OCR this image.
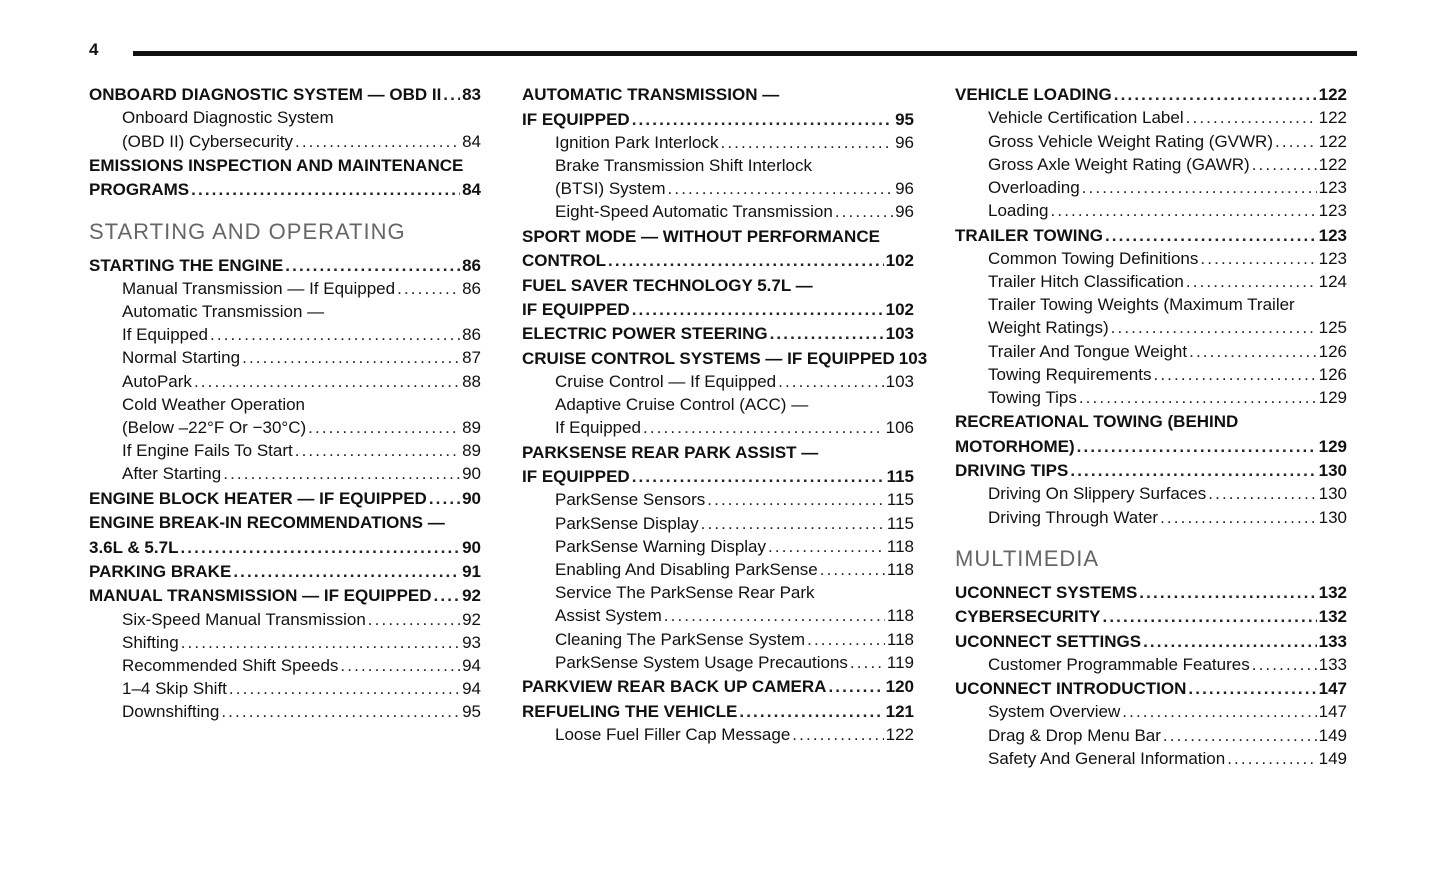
4
ONBOARD DIAGNOSTIC SYSTEM — OBD II . . . 83
Onboard Diagnostic System
(OBD II) Cybersecurity . . .	84
EMISSIONS INSPECTION AND MAINTENANCE
PROGRAMS . . .	84
STARTING AND OPERATING
STARTING THE ENGINE . . .	86
Manual Transmission — If Equipped . . .	86
Automatic Transmission —
If Equipped . . .	86
Normal Starting . . .	87
AutoPark . . .	88
Cold Weather Operation
(Below –22°F Or −30°C) . . .	89
If Engine Fails To Start . . .	89
After Starting . . .	90
ENGINE BLOCK HEATER — IF EQUIPPED . . . 90
ENGINE BREAK-IN RECOMMENDATIONS —
3.6L & 5.7L . . .	90
PARKING BRAKE . . .	91
MANUAL TRANSMISSION — IF EQUIPPED . . . 92
Six-Speed Manual Transmission . . .	92
Shifting . . .	93
Recommended Shift Speeds . . .	94
1–4 Skip Shift . . .	94
Downshifting . . .	95
AUTOMATIC TRANSMISSION —
IF EQUIPPED . . .	95
Ignition Park Interlock . . .	96
Brake Transmission Shift Interlock
(BTSI) System . . .	96
Eight-Speed Automatic Transmission . . .	96
SPORT MODE — WITHOUT PERFORMANCE
CONTROL . . .	102
FUEL SAVER TECHNOLOGY 5.7L —
IF EQUIPPED . . .	102
ELECTRIC POWER STEERING . . .	103
CRUISE CONTROL SYSTEMS — IF EQUIPPED 103
Cruise Control — If Equipped . . .	103
Adaptive Cruise Control (ACC) —
If Equipped . . .	106
PARKSENSE REAR PARK ASSIST —
IF EQUIPPED . . .	115
ParkSense Sensors . . .	115
ParkSense Display . . .	115
ParkSense Warning Display . . .	118
Enabling And Disabling ParkSense . . .	118
Service The ParkSense Rear Park
Assist System . . .	118
Cleaning The ParkSense System . . .	118
ParkSense System Usage Precautions . . . 119
PARKVIEW REAR BACK UP CAMERA . . .	120
REFUELING THE VEHICLE . . .	121
Loose Fuel Filler Cap Message . . .	122
VEHICLE LOADING . . .	122
Vehicle Certification Label . . .	122
Gross Vehicle Weight Rating (GVWR) . . .	122
Gross Axle Weight Rating (GAWR) . . .	122
Overloading . . .	123
Loading . . .	123
TRAILER TOWING . . .	123
Common Towing Definitions . . .	123
Trailer Hitch Classification . . .	124
Trailer Towing Weights (Maximum Trailer
Weight Ratings) . . .	125
Trailer And Tongue Weight . . .	126
Towing Requirements . . .	126
Towing Tips . . .	129
RECREATIONAL TOWING (BEHIND
MOTORHOME) . . .	129
DRIVING TIPS . . .	130
Driving On Slippery Surfaces . . .	130
Driving Through Water . . .	130
MULTIMEDIA
UCONNECT SYSTEMS . . .	132
CYBERSECURITY . . .	132
UCONNECT SETTINGS . . .	133
Customer Programmable Features . . .	133
UCONNECT INTRODUCTION . . .	147
System Overview . . .	147
Drag & Drop Menu Bar . . .	149
Safety And General Information . . .	149
